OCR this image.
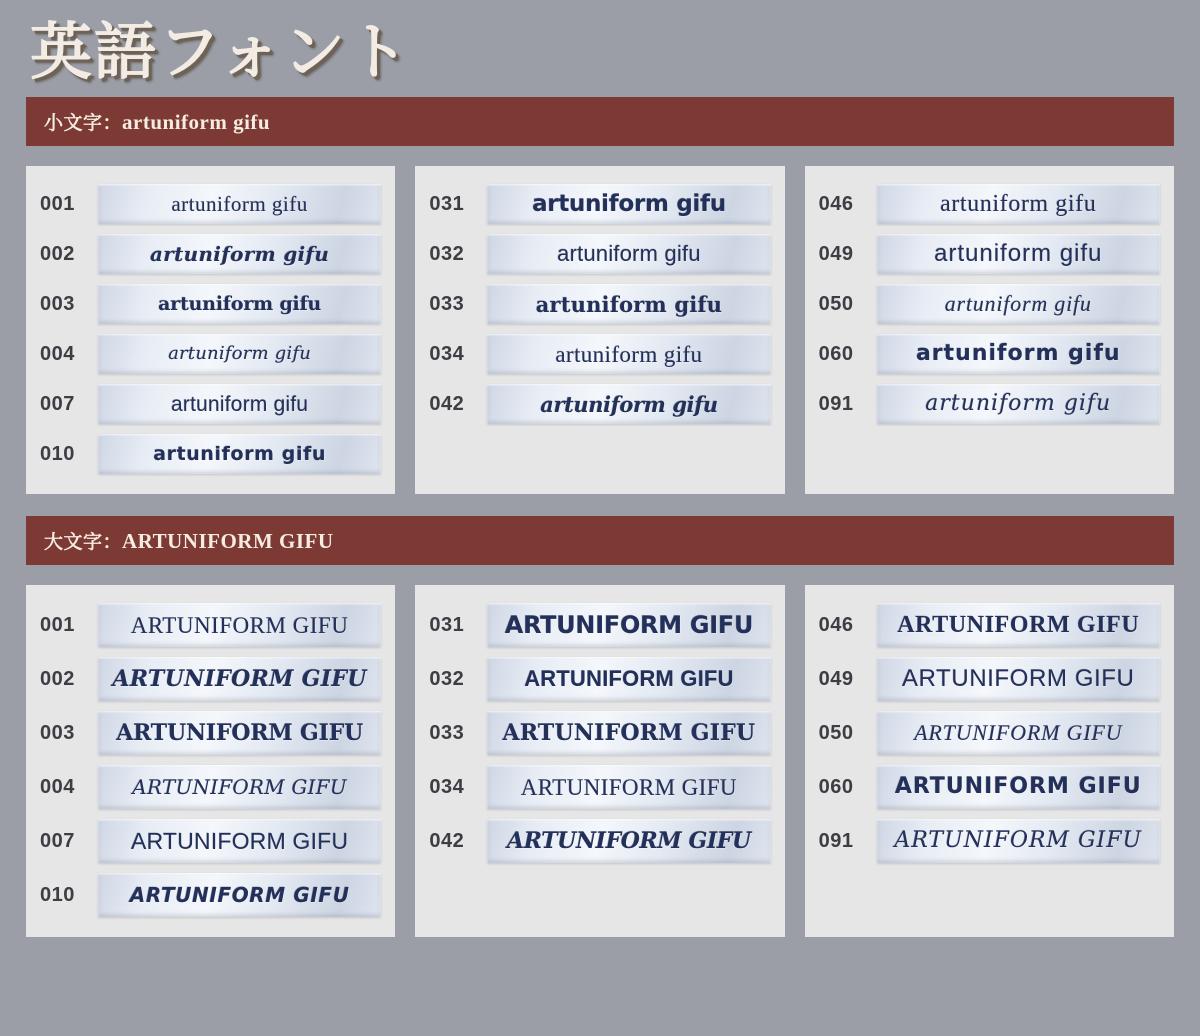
英語フォント
小文字：artuniform gifu
001	artuniform gifu
002	artuniform gifu
003	artuniform gifu
004	artuniform gifu
007	artuniform gifu
010	artuniform gifu
031	artuniform gifu
032	artuniform gifu
033	artuniform gifu
034	artuniform gifu
042	artuniform gifu
046	artuniform gifu
049	artuniform gifu
050	artuniform gifu
060	artuniform gifu
091	artuniform gifu
大文字：ARTUNIFORM GIFU
001	ARTUNIFORM GIFU
002	ARTUNIFORM GIFU
003	ARTUNIFORM GIFU
004	ARTUNIFORM GIFU
007	ARTUNIFORM GIFU
010	ARTUNIFORM GIFU
031	ARTUNIFORM GIFU
032	ARTUNIFORM GIFU
033	ARTUNIFORM GIFU
034	ARTUNIFORM GIFU
042	ARTUNIFORM GIFU
046	ARTUNIFORM GIFU
049	ARTUNIFORM GIFU
050	ARTUNIFORM GIFU
060	ARTUNIFORM GIFU
091	ARTUNIFORM GIFU
